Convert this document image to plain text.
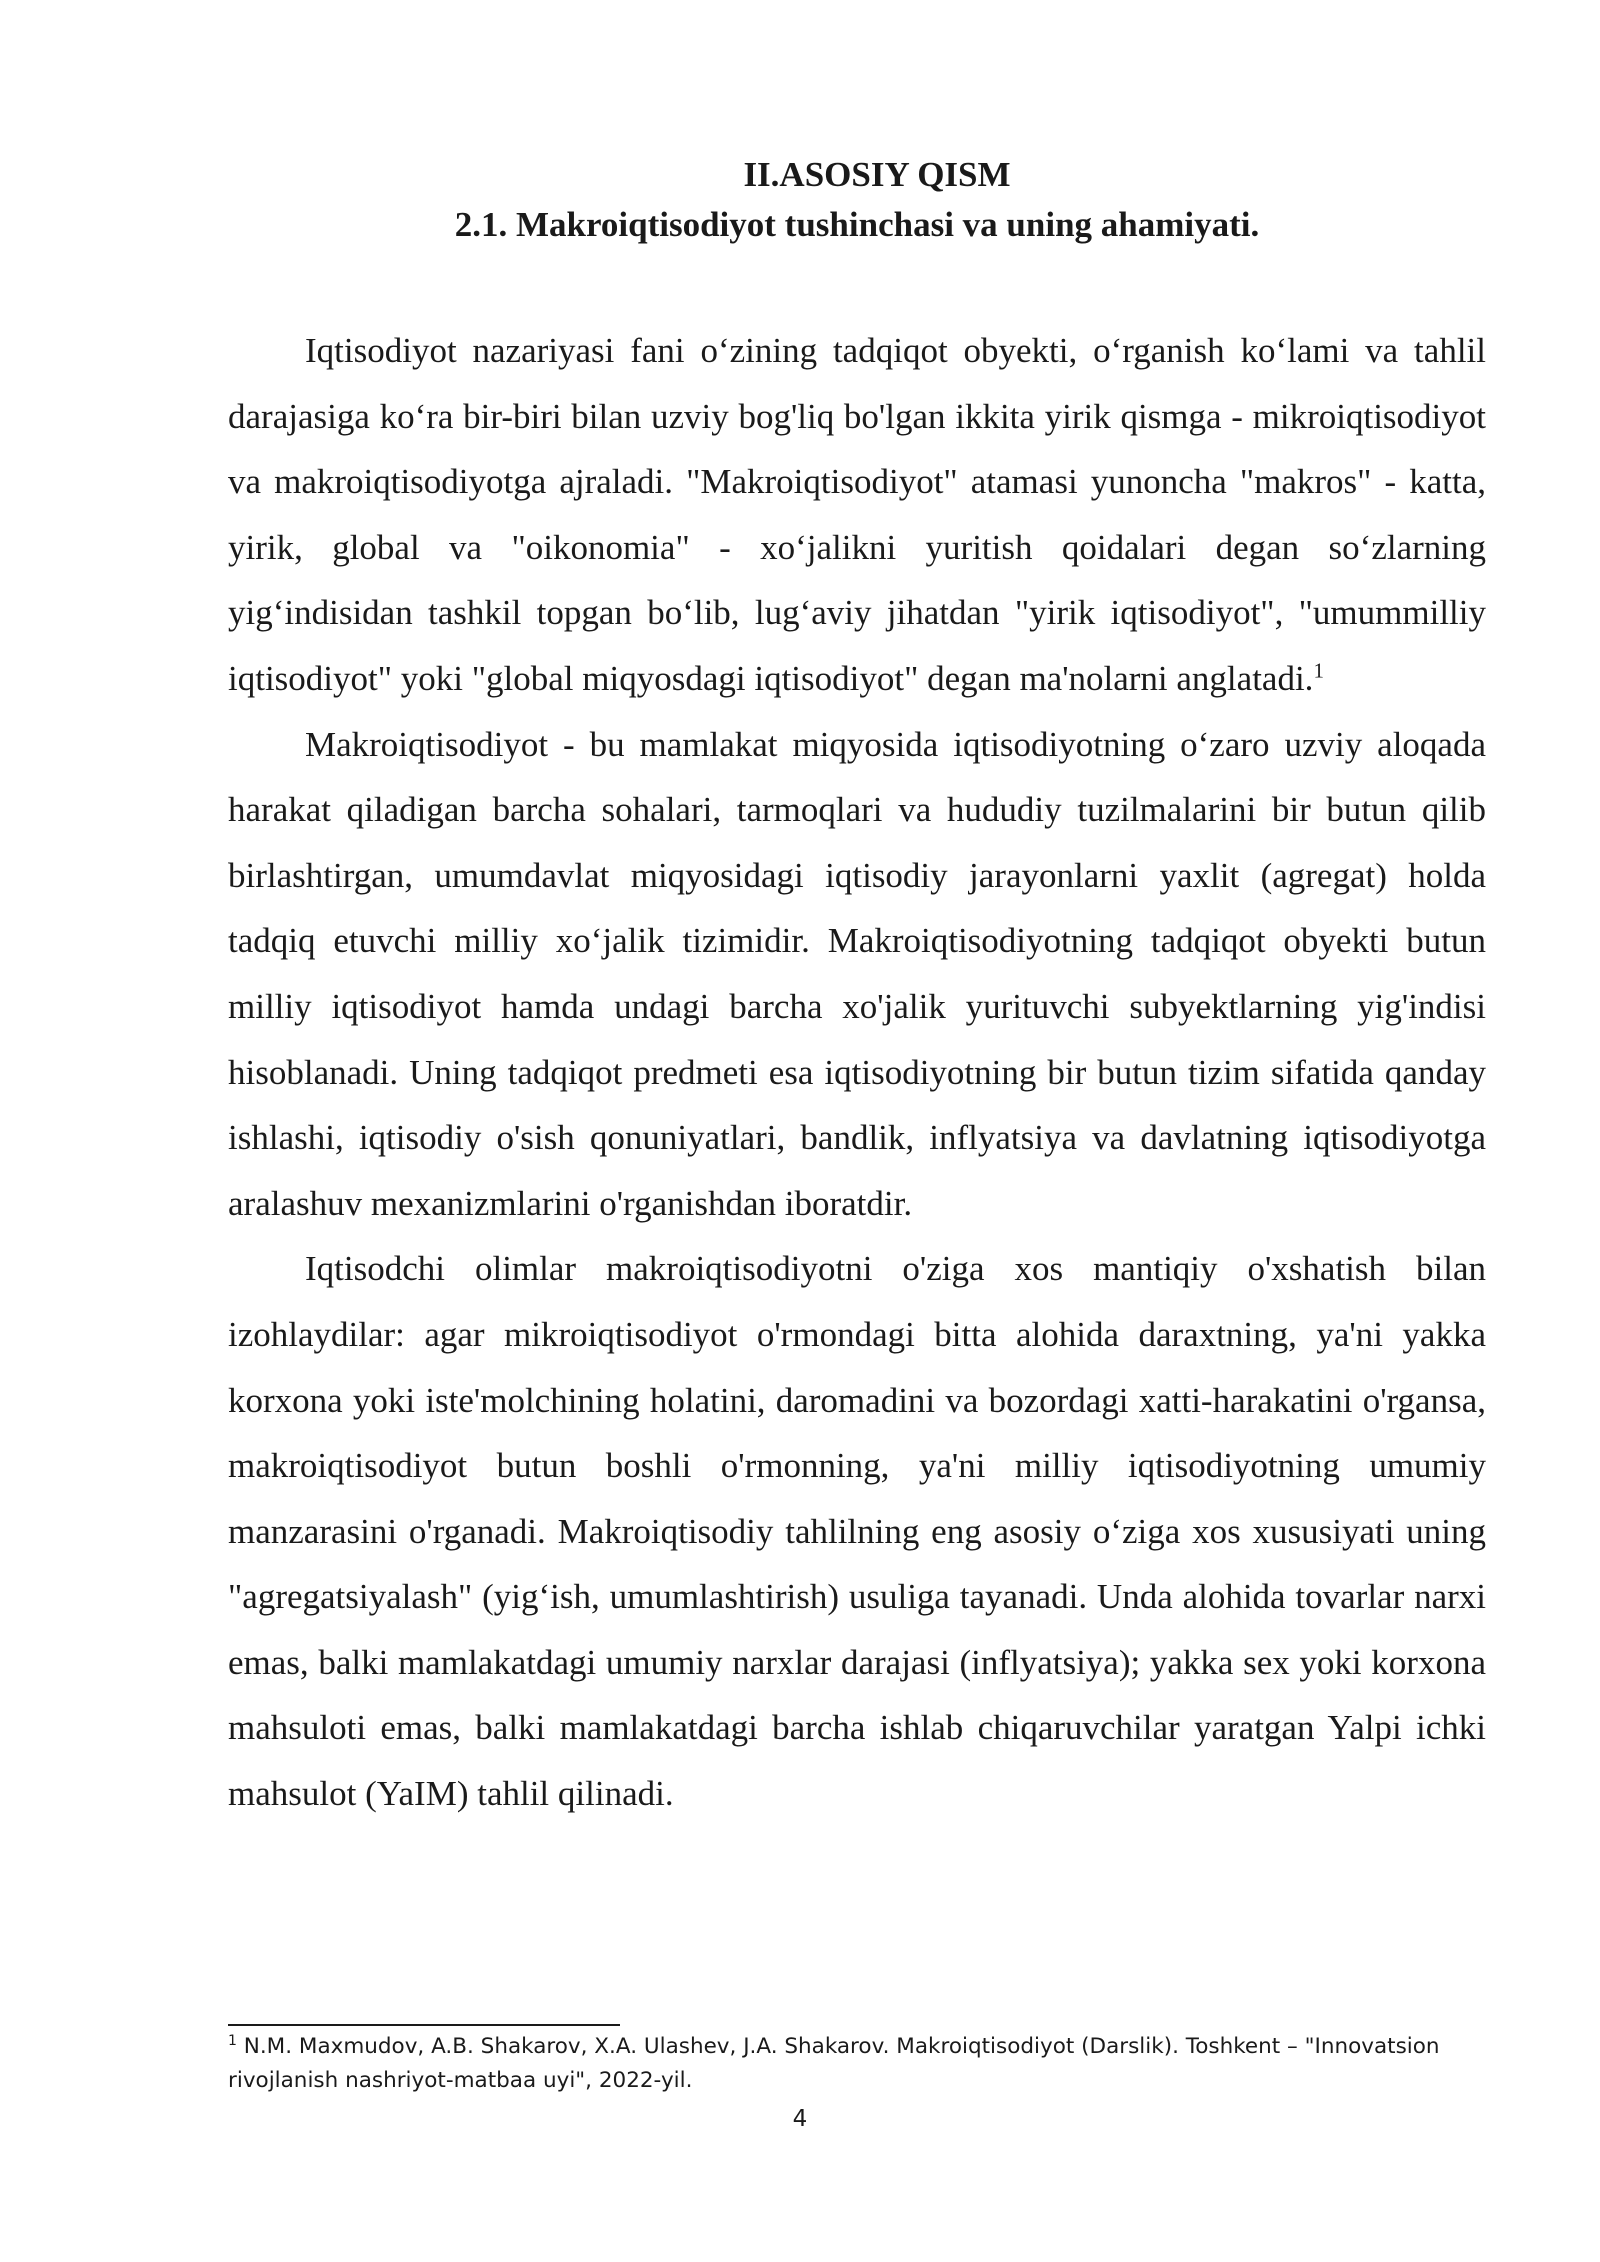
II.ASOSIY QISM
2.1. Makroiqtisodiyot tushinchasi va uning ahamiyati.

Iqtisodiyot nazariyasi fani o‘zining tadqiqot obyekti, o‘rganish ko‘lami va tahlil darajasiga ko‘ra bir-biri bilan uzviy bog'liq bo'lgan ikkita yirik qismga - mikroiqtisodiyot va makroiqtisodiyotga ajraladi. "Makroiqtisodiyot" atamasi yunoncha "makros" - katta, yirik, global va "oikonomia" - xo‘jalikni yuritish qoidalari degan so‘zlarning yig‘indisidan tashkil topgan bo‘lib, lug‘aviy jihatdan "yirik iqtisodiyot", "umummilliy iqtisodiyot" yoki "global miqyosdagi iqtisodiyot" degan ma'nolarni anglatadi.$^1$

Makroiqtisodiyot - bu mamlakat miqyosida iqtisodiyotning o‘zaro uzviy aloqada harakat qiladigan barcha sohalari, tarmoqlari va hududiy tuzilmalarini bir butun qilib birlashtirgan, umumdavlat miqyosidagi iqtisodiy jarayonlarni yaxlit (agregat) holda tadqiq etuvchi milliy xo‘jalik tizimidir. Makroiqtisodiyotning tadqiqot obyekti butun milliy iqtisodiyot hamda undagi barcha xo'jalik yurituvchi subyektlarning yig'indisi hisoblanadi. Uning tadqiqot predmeti esa iqtisodiyotning bir butun tizim sifatida qanday ishlashi, iqtisodiy o'sish qonuniyatlari, bandlik, inflyatsiya va davlatning iqtisodiyotga aralashuv mexanizmlarini o'rganishdan iboratdir.

Iqtisodchi olimlar makroiqtisodiyotni o'ziga xos mantiqiy o'xshatish bilan izohlaydilar: agar mikroiqtisodiyot o'rmondagi bitta alohida daraxtning, ya'ni yakka korxona yoki iste'molchining holatini, daromadini va bozordagi xatti-harakatini o'rgansa, makroiqtisodiyot butun boshli o'rmonning, ya'ni milliy iqtisodiyotning umumiy manzarasini o'rganadi. Makroiqtisodiy tahlilning eng asosiy o‘ziga xos xususiyati uning "agregatsiyalash" (yig‘ish, umumlashtirish) usuliga tayanadi. Unda alohida tovarlar narxi emas, balki mamlakatdagi umumiy narxlar darajasi (inflyatsiya); yakka sex yoki korxona mahsuloti emas, balki mamlakatdagi barcha ishlab chiqaruvchilar yaratgan Yalpi ichki mahsulot (YaIM) tahlil qilinadi.

$^1$ N.M. Maxmudov, A.B. Shakarov, X.A. Ulashev, J.A. Shakarov. Makroiqtisodiyot (Darslik). Toshkent – "Innovatsion rivojlanish nashriyot-matbaa uyi", 2022-yil.
4
